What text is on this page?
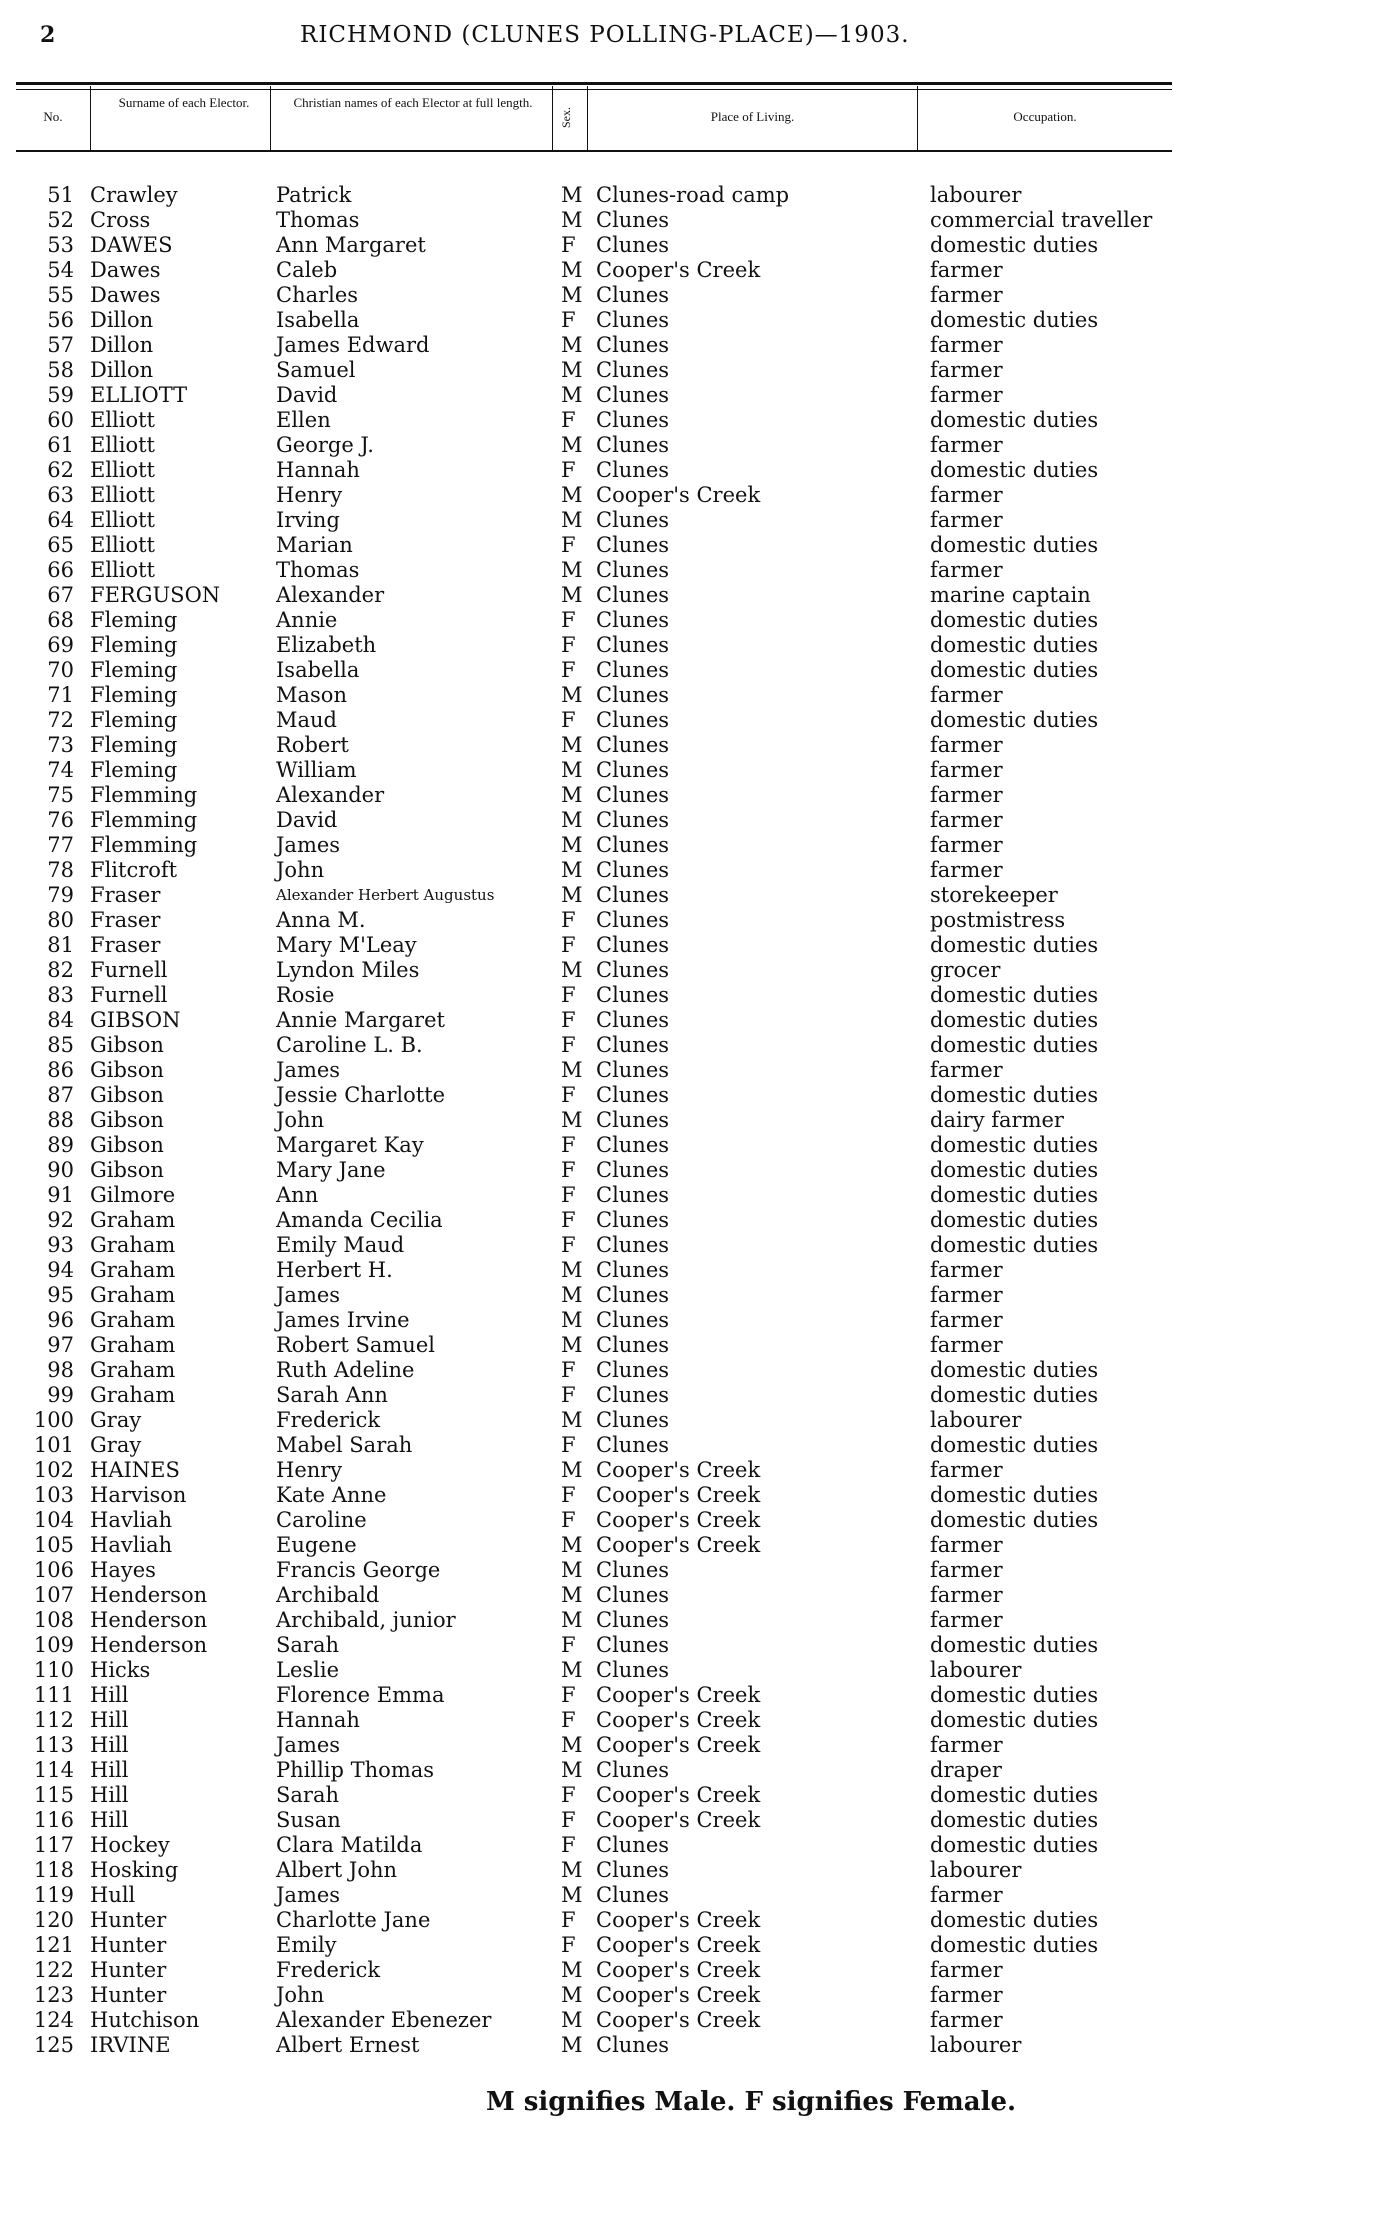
2	RICHMOND (CLUNES POLLING-PLACE)—1903.
No.
Surname of each Elector.	Christian names of each Elector at full length.
Sex.	Place of Living.	Occupation.
51 Crawley	Patrick	M Clunes-road camp	labourer
52 Cross	Thomas	M Clunes	commercial traveller
53 DAWES	Ann Margaret	F Clunes	domestic duties
54 Dawes	Caleb	M Cooper's Creek	farmer
55 Dawes	Charles	M Clunes	farmer
56 Dillon	Isabella	F Clunes	domestic duties
57 Dillon	James Edward	M Clunes	farmer
58 Dillon	Samuel	M Clunes	farmer
59 ELLIOTT	David	M Clunes	farmer
60 Elliott	Ellen	F Clunes	domestic duties
61 Elliott	George J.	M Clunes	farmer
62 Elliott	Hannah	F Clunes	domestic duties
63 Elliott	Henry	M Cooper's Creek	farmer
64 Elliott	Irving	M Clunes	farmer
65 Elliott	Marian	F Clunes	domestic duties
66 Elliott	Thomas	M Clunes	farmer
67 FERGUSON	Alexander	M Clunes	marine captain
68 Fleming	Annie	F Clunes	domestic duties
69 Fleming	Elizabeth	F Clunes	domestic duties
70 Fleming	Isabella	F Clunes	domestic duties
71 Fleming	Mason	M Clunes	farmer
72 Fleming	Maud	F Clunes	domestic duties
73 Fleming	Robert	M Clunes	farmer
74 Fleming	William	M Clunes	farmer
75 Flemming	Alexander	M Clunes	farmer
76 Flemming	David	M Clunes	farmer
77 Flemming	James	M Clunes	farmer
78 Flitcroft	John	M Clunes	farmer
79 Fraser	Alexander Herbert Augustus	M Clunes	storekeeper
80 Fraser	Anna M.	F Clunes	postmistress
81 Fraser	Mary M'Leay	F Clunes	domestic duties
82 Furnell	Lyndon Miles	M Clunes	grocer
83 Furnell	Rosie	F Clunes	domestic duties
84 GIBSON	Annie Margaret	F Clunes	domestic duties
85 Gibson	Caroline L. B.	F Clunes	domestic duties
86 Gibson	James	M Clunes	farmer
87 Gibson	Jessie Charlotte	F Clunes	domestic duties
88 Gibson	John	M Clunes	dairy farmer
89 Gibson	Margaret Kay	F Clunes	domestic duties
90 Gibson	Mary Jane	F Clunes	domestic duties
91 Gilmore	Ann	F Clunes	domestic duties
92 Graham	Amanda Cecilia	F Clunes	domestic duties
93 Graham	Emily Maud	F Clunes	domestic duties
94 Graham	Herbert H.	M Clunes	farmer
95 Graham	James	M Clunes	farmer
96 Graham	James Irvine	M Clunes	farmer
97 Graham	Robert Samuel	M Clunes	farmer
98 Graham	Ruth Adeline	F Clunes	domestic duties
99 Graham	Sarah Ann	F Clunes	domestic duties
100 Gray	Frederick	M Clunes	labourer
101 Gray	Mabel Sarah	F Clunes	domestic duties
102 HAINES	Henry	M Cooper's Creek	farmer
103 Harvison	Kate Anne	F Cooper's Creek	domestic duties
104 Havliah	Caroline	F Cooper's Creek	domestic duties
105 Havliah	Eugene	M Cooper's Creek	farmer
106 Hayes	Francis George	M Clunes	farmer
107 Henderson	Archibald	M Clunes	farmer
108 Henderson	Archibald, junior	M Clunes	farmer
109 Henderson	Sarah	F Clunes	domestic duties
110 Hicks	Leslie	M Clunes	labourer
111 Hill	Florence Emma	F Cooper's Creek	domestic duties
112 Hill	Hannah	F Cooper's Creek	domestic duties
113 Hill	James	M Cooper's Creek	farmer
114 Hill	Phillip Thomas	M Clunes	draper
115 Hill	Sarah	F Cooper's Creek	domestic duties
116 Hill	Susan	F Cooper's Creek	domestic duties
117 Hockey	Clara Matilda	F Clunes	domestic duties
118 Hosking	Albert John	M Clunes	labourer
119 Hull	James	M Clunes	farmer
120 Hunter	Charlotte Jane	F Cooper's Creek	domestic duties
121 Hunter	Emily	F Cooper's Creek	domestic duties
122 Hunter	Frederick	M Cooper's Creek	farmer
123 Hunter	John	M Cooper's Creek	farmer
124 Hutchison	Alexander Ebenezer	M Cooper's Creek	farmer
125 IRVINE	Albert Ernest	M Clunes	labourer
M signifies Male. F signifies Female.
